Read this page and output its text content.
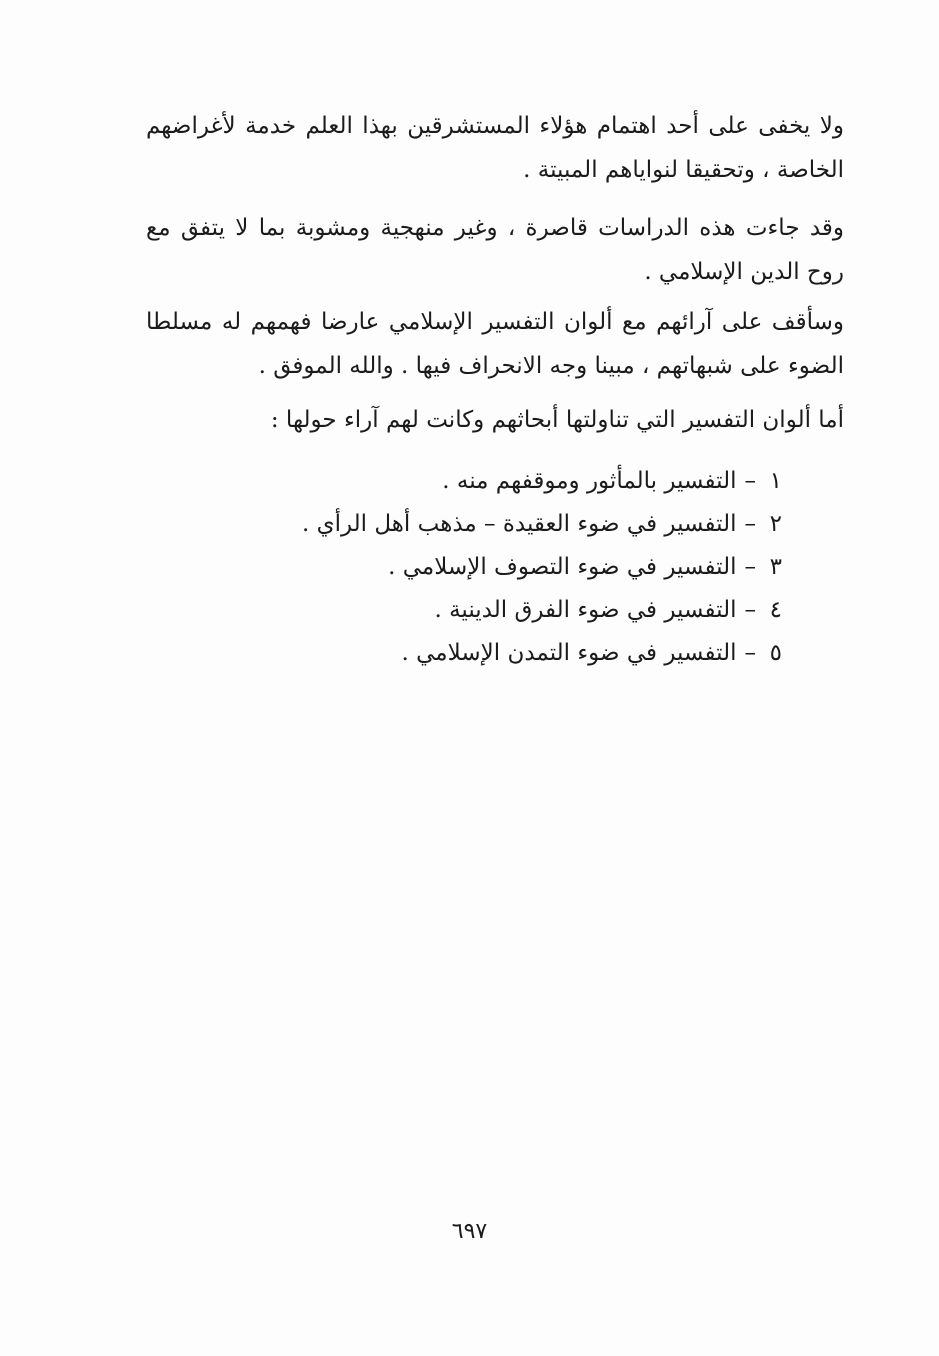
ولا يخفى على أحد اهتمام هؤلاء المستشرقين بهذا العلم خدمة لأغراضهم الخاصة ، وتحقيقا لنواياهم المبيتة .

وقد جاءت هذه الدراسات قاصرة ، وغير منهجية ومشوبة بما لا يتفق مع روح الدين الإسلامي .

وسأقف على آرائهم مع ألوان التفسير الإسلامي عارضا فهمهم له مسلطا الضوء على شبهاتهم ، مبينا وجه الانحراف فيها . والله الموفق .

أما ألوان التفسير التي تناولتها أبحاثهم وكانت لهم آراء حولها :

١–التفسير بالمأثور وموقفهم منه .
٢–التفسير في ضوء العقيدة – مذهب أهل الرأي .
٣–التفسير في ضوء التصوف الإسلامي .
٤–التفسير في ضوء الفرق الدينية .
٥–التفسير في ضوء التمدن الإسلامي .
٦٩٧
